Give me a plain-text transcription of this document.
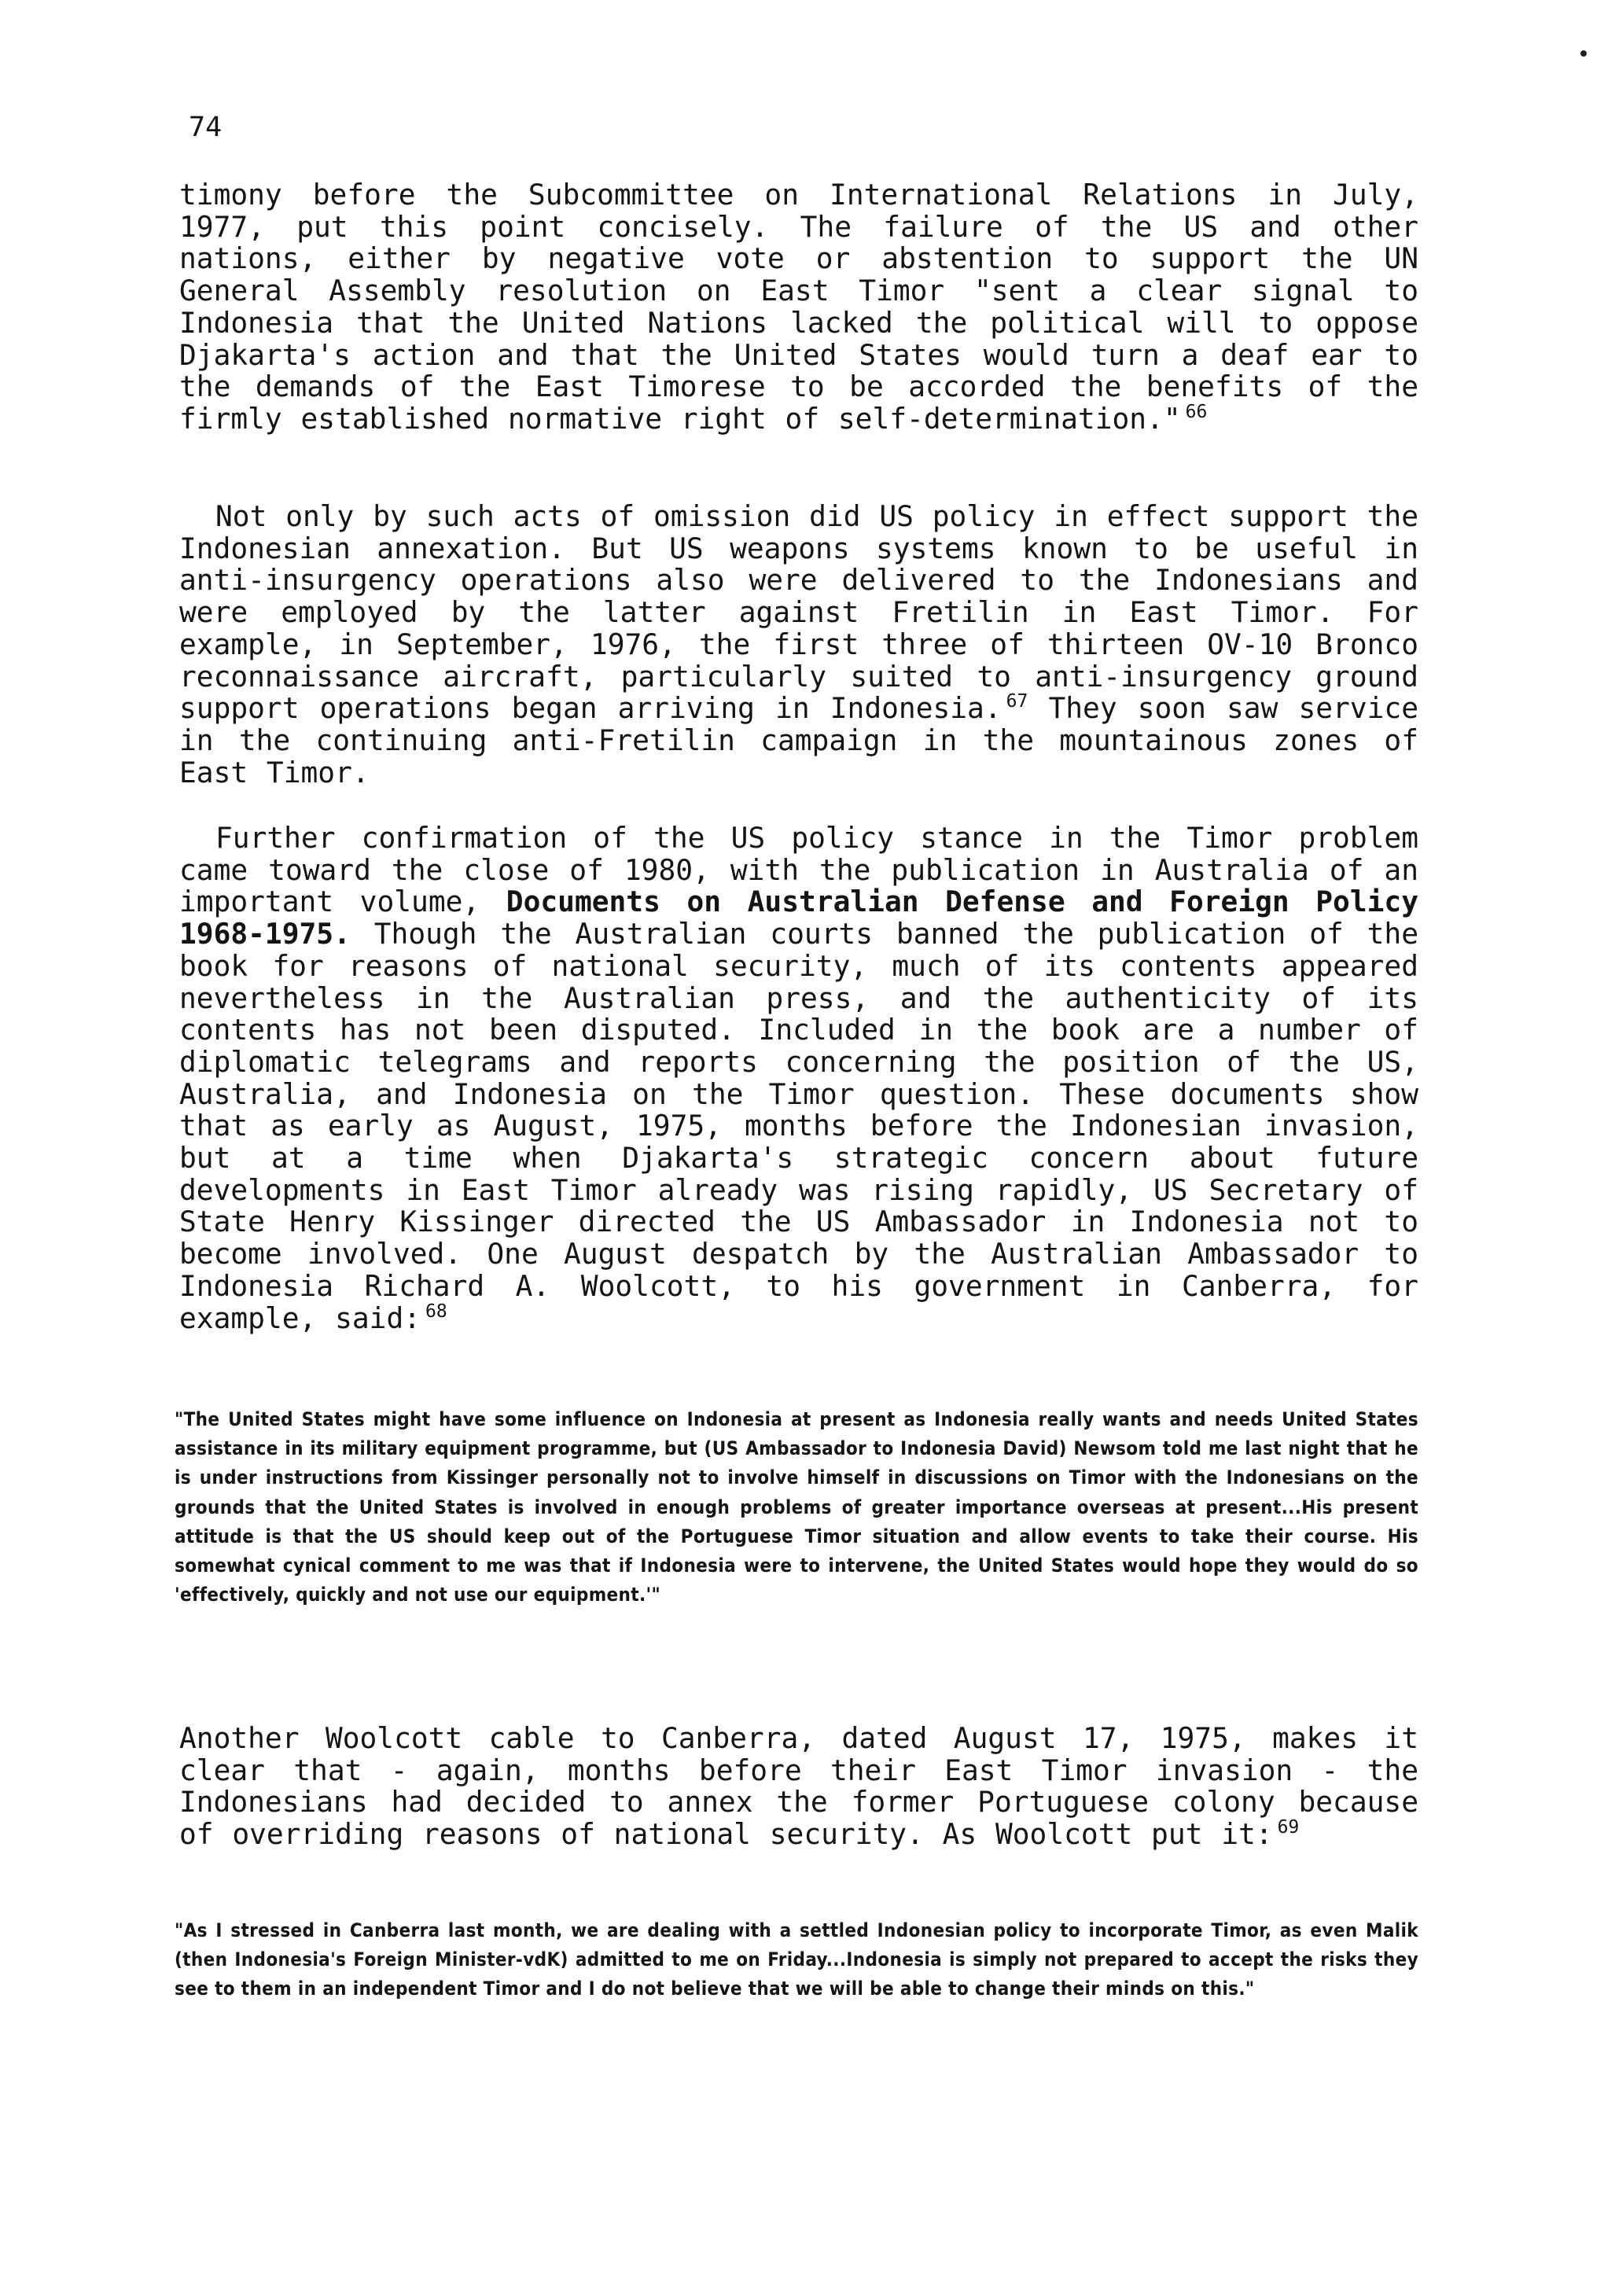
74

timony before the Subcommittee on International Relations in July, 1977, put this point concisely. The failure of the US and other nations, either by negative vote or abstention to support the UN General Assembly resolution on East Timor "sent a clear signal to Indonesia that the United Nations lacked the political will to oppose Djakarta's action and that the United States would turn a deaf ear to the demands of the East Timorese to be accorded the benefits of the firmly established normative right of self-determination." $^{66}$

Not only by such acts of omission did US policy in effect support the Indonesian annexation. But US weapons systems known to be useful in anti-insurgency operations also were delivered to the Indonesians and were employed by the latter against Fretilin in East Timor. For example, in September, 1976, the first three of thirteen OV-10 Bronco reconnaissance aircraft, particularly suited to anti-insurgency ground support operations began arriving in Indonesia. $^{67}$ They soon saw service in the continuing anti-Fretilin campaign in the mountainous zones of East Timor.

Further confirmation of the US policy stance in the Timor problem came toward the close of 1980, with the publication in Australia of an important volume, Documents on Australian Defense and Foreign Policy 1968-1975. Though the Australian courts banned the publication of the book for reasons of national security, much of its contents appeared nevertheless in the Australian press, and the authenticity of its contents has not been disputed. Included in the book are a number of diplomatic telegrams and reports concerning the position of the US, Australia, and Indonesia on the Timor question. These documents show that as early as August, 1975, months before the Indonesian invasion, but at a time when Djakarta's strategic concern about future developments in East Timor already was rising rapidly, US Secretary of State Henry Kissinger directed the US Ambassador in Indonesia not to become involved. One August despatch by the Australian Ambassador to Indonesia Richard A. Woolcott, to his government in Canberra, for example, said: $^{68}$

"The United States might have some influence on Indonesia at present as Indonesia really wants and needs United States assistance in its military equipment programme, but (US Ambassador to Indonesia David) Newsom told me last night that he is under instructions from Kissinger personally not to involve himself in discussions on Timor with the Indonesians on the grounds that the United States is involved in enough problems of greater importance overseas at present...His present attitude is that the US should keep out of the Portuguese Timor situation and allow events to take their course. His somewhat cynical comment to me was that if Indonesia were to intervene, the United States would hope they would do so 'effectively, quickly and not use our equipment.'"

Another Woolcott cable to Canberra, dated August 17, 1975, makes it clear that - again, months before their East Timor invasion - the Indonesians had decided to annex the former Portuguese colony because of overriding reasons of national security. As Woolcott put it: $^{69}$

"As I stressed in Canberra last month, we are dealing with a settled Indonesian policy to incorporate Timor, as even Malik (then Indonesia's Foreign Minister-vdK) admitted to me on Friday...Indonesia is simply not prepared to accept the risks they see to them in an independent Timor and I do not believe that we will be able to change their minds on this."
